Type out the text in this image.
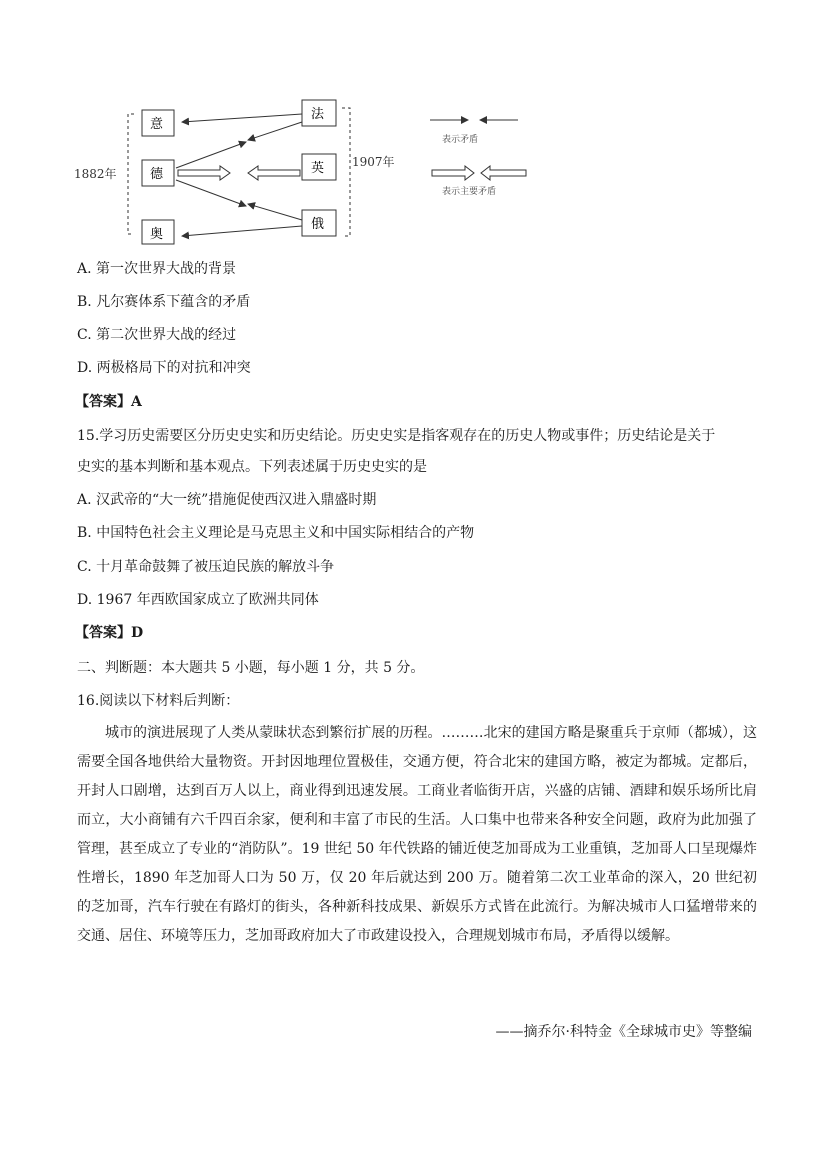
1882年
1907年
意
德
奥
法
英
俄
表示矛盾
表示主要矛盾
A. 第一次世界大战的背景
B. 凡尔赛体系下蕴含的矛盾
C. 第二次世界大战的经过
D. 两极格局下的对抗和冲突
【答案】A
15.学习历史需要区分历史史实和历史结论。历史史实是指客观存在的历史人物或事件；历史结论是关于
史实的基本判断和基本观点。下列表述属于历史史实的是
A. 汉武帝的“大一统”措施促使西汉进入鼎盛时期
B. 中国特色社会主义理论是马克思主义和中国实际相结合的产物
C. 十月革命鼓舞了被压迫民族的解放斗争
D. 1967 年西欧国家成立了欧洲共同体
【答案】D
二、判断题：本大题共 5 小题，每小题 1 分，共 5 分。
16.阅读以下材料后判断：
城市的演进展现了人类从蒙昧状态到繁衍扩展的历程。………北宋的建国方略是聚重兵于京师（都城），这需要全国各地供给大量物资。开封因地理位置极佳，交通方便，符合北宋的建国方略，被定为都城。定都后，开封人口剧增，达到百万人以上，商业得到迅速发展。工商业者临街开店，兴盛的店铺、酒肆和娱乐场所比肩而立，大小商铺有六千四百余家，便利和丰富了市民的生活。人口集中也带来各种安全问题，政府为此加强了管理，甚至成立了专业的“消防队”。19 世纪 50 年代铁路的铺近使芝加哥成为工业重镇，芝加哥人口呈现爆炸性增长，1890 年芝加哥人口为 50 万，仅 20 年后就达到 200 万。随着第二次工业革命的深入，20 世纪初的芝加哥，汽车行驶在有路灯的街头，各种新科技成果、新娱乐方式皆在此流行。为解决城市人口猛增带来的交通、居住、环境等压力，芝加哥政府加大了市政建设投入，合理规划城市布局，矛盾得以缓解。
——摘乔尔·科特金《全球城市史》等整编
